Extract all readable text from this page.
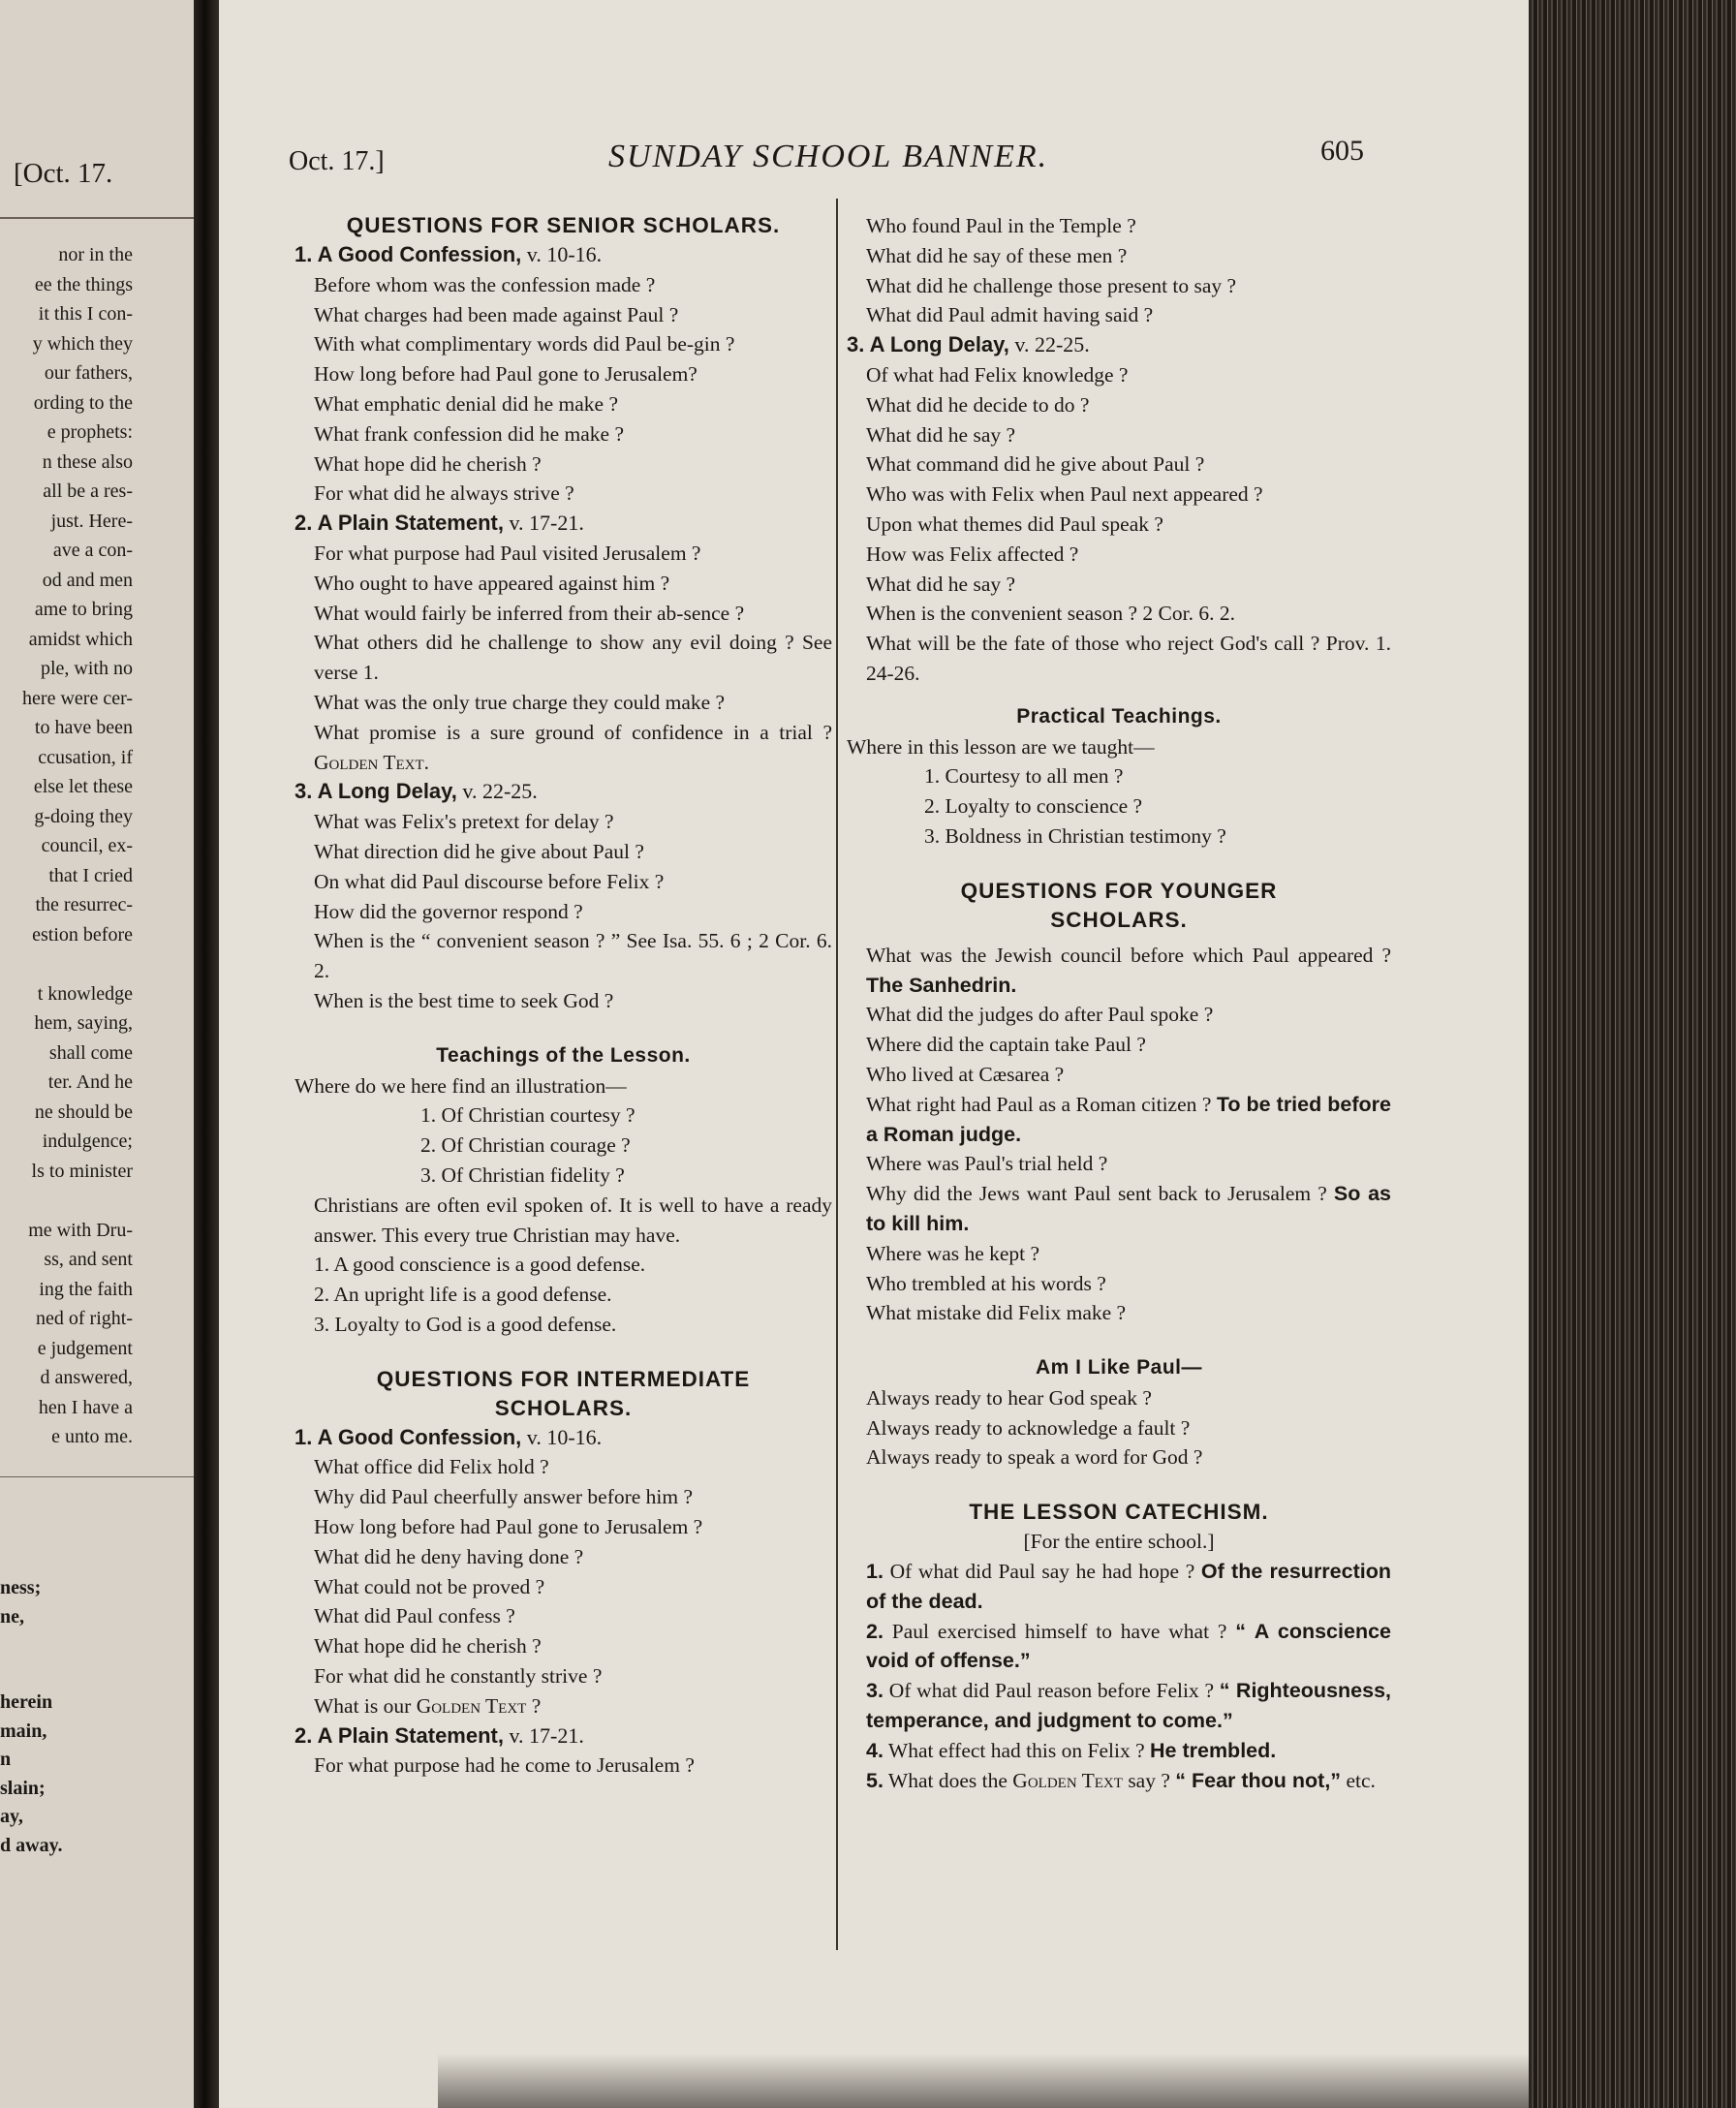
[Oct. 17.
nor in the
ee the things
it this I con-
y which they
our fathers,
ording to the
e prophets:
n these also
all be a res-
just. Here-
ave a con-
od and men
ame to bring
amidst which
ple, with no
here were cer-
to have been
ccusation, if
else let these
g-doing they
council, ex-
that I cried
the resurrec-
estion before
t knowledge
hem, saying,
shall come
ter. And he
ne should be
indulgence;
ls to minister
me with Dru-
ss, and sent
ing the faith
ned of right-
e judgement
d answered,
hen I have a
e unto me.
ness;
ne,
herein
main,
n
slain;
ay,
d away.
Oct. 17.]	SUNDAY SCHOOL BANNER.	605

QUESTIONS FOR SENIOR SCHOLARS.

1. A Good Confession, v. 10-16.

Before whom was the confession made ?

What charges had been made against Paul ?

With what complimentary words did Paul be-gin ?

How long before had Paul gone to Jerusalem?

What emphatic denial did he make ?

What frank confession did he make ?

What hope did he cherish ?

For what did he always strive ?

2. A Plain Statement, v. 17-21.

For what purpose had Paul visited Jerusalem ?

Who ought to have appeared against him ?

What would fairly be inferred from their ab-sence ?

What others did he challenge to show any evil doing ? See verse 1.

What was the only true charge they could make ?

What promise is a sure ground of confidence in a trial ? Golden Text.

3. A Long Delay, v. 22-25.

What was Felix's pretext for delay ?

What direction did he give about Paul ?

On what did Paul discourse before Felix ?

How did the governor respond ?

When is the “ convenient season ? ” See Isa. 55. 6 ; 2 Cor. 6. 2.

When is the best time to seek God ?

Teachings of the Lesson.

Where do we here find an illustration—

1. Of Christian courtesy ?

2. Of Christian courage ?

3. Of Christian fidelity ?

Christians are often evil spoken of. It is well to have a ready answer. This every true Christian may have.

1. A good conscience is a good defense.

2. An upright life is a good defense.

3. Loyalty to God is a good defense.

QUESTIONS FOR INTERMEDIATE

SCHOLARS.

1. A Good Confession, v. 10-16.

What office did Felix hold ?

Why did Paul cheerfully answer before him ?

How long before had Paul gone to Jerusalem ?

What did he deny having done ?

What could not be proved ?

What did Paul confess ?

What hope did he cherish ?

For what did he constantly strive ?

What is our Golden Text ?

2. A Plain Statement, v. 17-21.

For what purpose had he come to Jerusalem ?

Who found Paul in the Temple ?

What did he say of these men ?

What did he challenge those present to say ?

What did Paul admit having said ?

3. A Long Delay, v. 22-25.

Of what had Felix knowledge ?

What did he decide to do ?

What did he say ?

What command did he give about Paul ?

Who was with Felix when Paul next appeared ?

Upon what themes did Paul speak ?

How was Felix affected ?

What did he say ?

When is the convenient season ? 2 Cor. 6. 2.

What will be the fate of those who reject God's call ? Prov. 1. 24-26.

Practical Teachings.

Where in this lesson are we taught—

1. Courtesy to all men ?

2. Loyalty to conscience ?

3. Boldness in Christian testimony ?

QUESTIONS FOR YOUNGER

SCHOLARS.

What was the Jewish council before which Paul appeared ? The Sanhedrin.

What did the judges do after Paul spoke ?

Where did the captain take Paul ?

Who lived at Cæsarea ?

What right had Paul as a Roman citizen ? To be tried before a Roman judge.

Where was Paul's trial held ?

Why did the Jews want Paul sent back to Jerusalem ? So as to kill him.

Where was he kept ?

Who trembled at his words ?

What mistake did Felix make ?

Am I Like Paul—

Always ready to hear God speak ?

Always ready to acknowledge a fault ?

Always ready to speak a word for God ?

THE LESSON CATECHISM.

[For the entire school.]

1. Of what did Paul say he had hope ? Of the resurrection of the dead.

2. Paul exercised himself to have what ? “ A conscience void of offense.”

3. Of what did Paul reason before Felix ? “ Righteousness, temperance, and judgment to come.”

4. What effect had this on Felix ? He trembled.

5. What does the Golden Text say ? “ Fear thou not,” etc.
